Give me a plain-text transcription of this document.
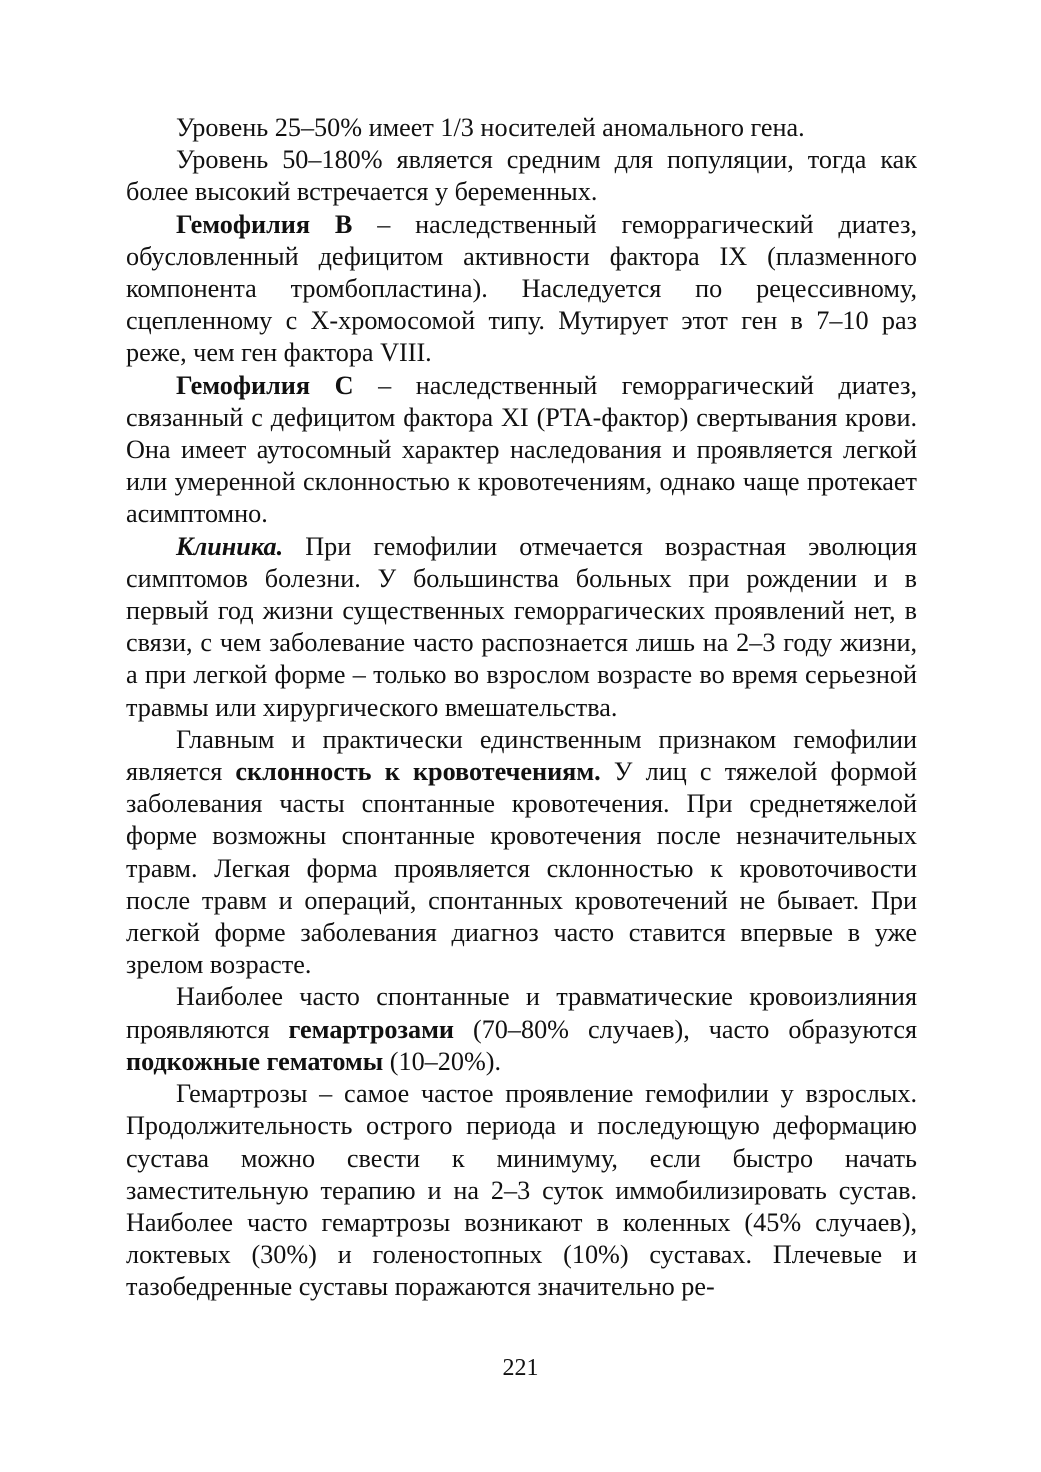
Уровень 25–50% имеет 1/3 носителей аномального гена.

Уровень 50–180% является средним для популяции, тогда как более высокий встречается у беременных.

Гемофилия В – наследственный геморрагический диатез, обусловленный дефицитом активности фактора IX (плазменного компонента тромбопластина). Наследуется по рецессивному, сцепленному с X-хромосомой типу. Мутирует этот ген в 7–10 раз реже, чем ген фактора VIII.

Гемофилия С – наследственный геморрагический диатез, связанный с дефицитом фактора XI (PTA-фактор) свертывания крови. Она имеет аутосомный характер наследования и проявляется легкой или умеренной склонностью к кровотечениям, однако чаще протекает асимптомно.

Клиника. При гемофилии отмечается возрастная эволюция симптомов болезни. У большинства больных при рождении и в первый год жизни существенных геморрагических проявлений нет, в связи, с чем заболевание часто распознается лишь на 2–3 году жизни, а при легкой форме – только во взрослом возрасте во время серьезной травмы или хирургического вмешательства.

Главным и практически единственным признаком гемофилии является склонность к кровотечениям. У лиц с тяжелой формой заболевания часты спонтанные кровотечения. При среднетяжелой форме возможны спонтанные кровотечения после незначительных травм. Легкая форма проявляется склонностью к кровоточивости после травм и операций, спонтанных кровотечений не бывает. При легкой форме заболевания диагноз часто ставится впервые в уже зрелом возрасте.

Наиболее часто спонтанные и травматические кровоизлияния проявляются гемартрозами (70–80% случаев), часто образуются подкожные гематомы (10–20%).

Гемартрозы – самое частое проявление гемофилии у взрослых. Продолжительность острого периода и последующую деформацию сустава можно свести к минимуму, если быстро начать заместительную терапию и на 2–3 суток иммобилизировать сустав. Наиболее часто гемартрозы возникают в коленных (45% случаев), локтевых (30%) и голеностопных (10%) суставах. Плечевые и тазобедренные суставы поражаются значительно ре-

221
